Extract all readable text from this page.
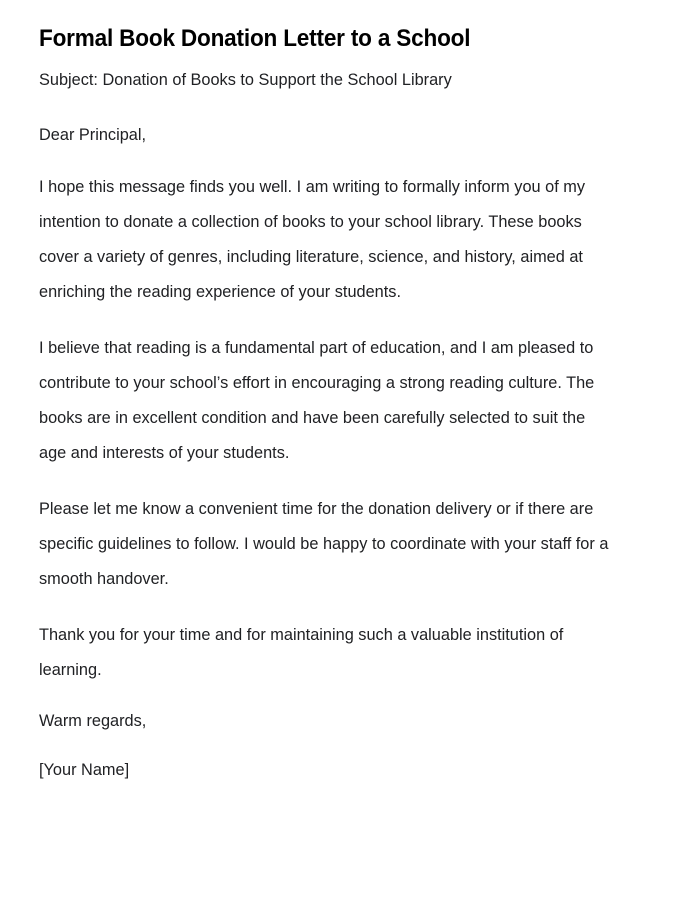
Formal Book Donation Letter to a School

Subject: Donation of Books to Support the School Library

Dear Principal,

I hope this message finds you well. I am writing to formally inform you of my intention to donate a collection of books to your school library. These books cover a variety of genres, including literature, science, and history, aimed at enriching the reading experience of your students.

I believe that reading is a fundamental part of education, and I am pleased to contribute to your school’s effort in encouraging a strong reading culture. The books are in excellent condition and have been carefully selected to suit the age and interests of your students.

Please let me know a convenient time for the donation delivery or if there are specific guidelines to follow. I would be happy to coordinate with your staff for a smooth handover.

Thank you for your time and for maintaining such a valuable institution of learning.

Warm regards,

[Your Name]
